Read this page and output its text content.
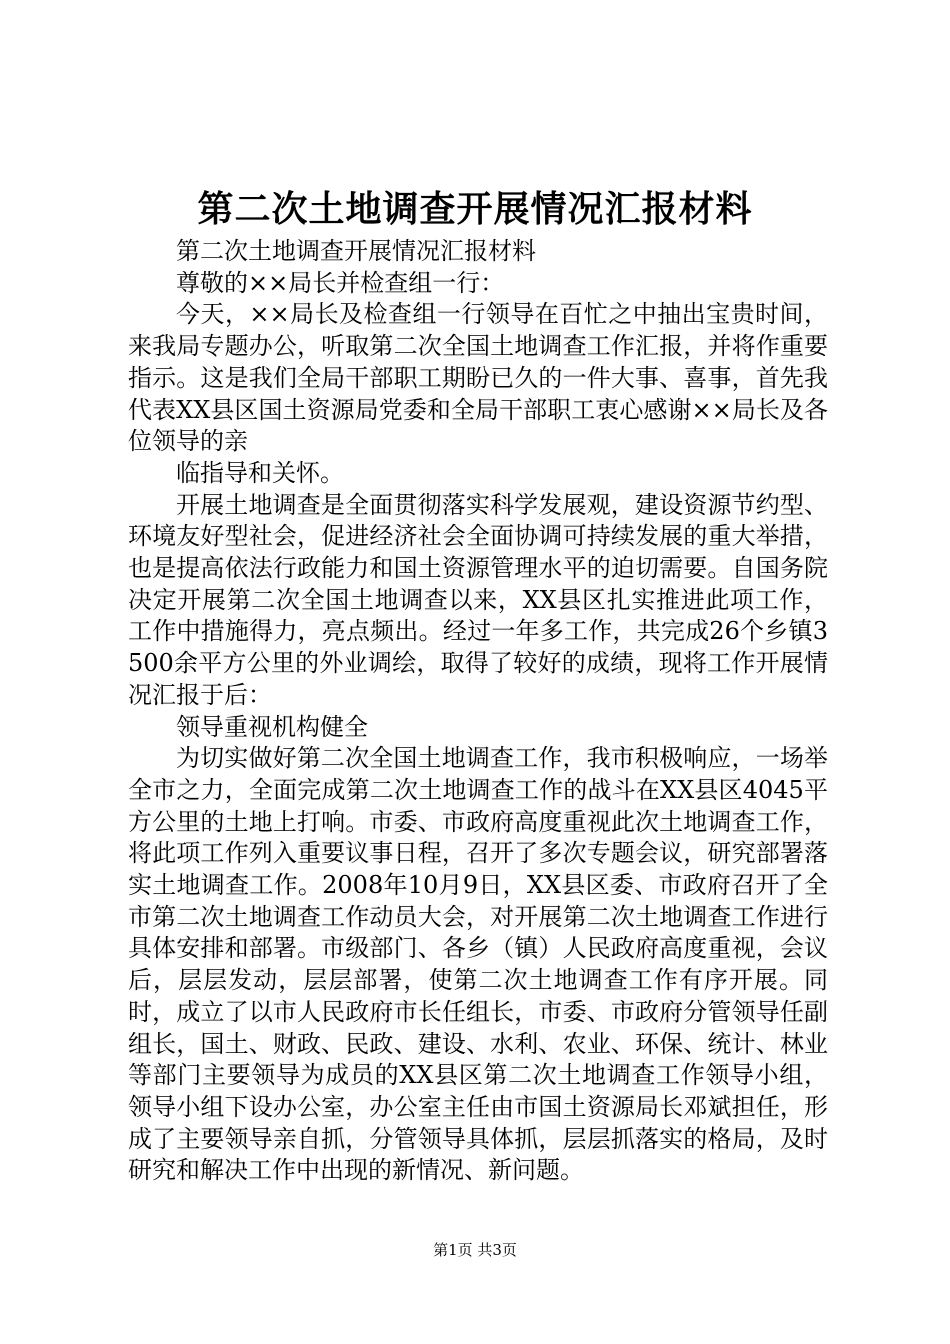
第二次土地调查开展情况汇报材料

第二次土地调查开展情况汇报材料

尊敬的××局长并检查组一行：

今天，××局长及检查组一行领导在百忙之中抽出宝贵时间，来我局专题办公，听取第二次全国土地调查工作汇报，并将作重要指示。这是我们全局干部职工期盼已久的一件大事、喜事，首先我代表XX县区国土资源局党委和全局干部职工衷心感谢××局长及各位领导的亲

临指导和关怀。

开展土地调查是全面贯彻落实科学发展观，建设资源节约型、环境友好型社会，促进经济社会全面协调可持续发展的重大举措，也是提高依法行政能力和国土资源管理水平的迫切需要。自国务院决定开展第二次全国土地调查以来，XX县区扎实推进此项工作，工作中措施得力，亮点频出。经过一年多工作，共完成26个乡镇3500余平方公里的外业调绘，取得了较好的成绩，现将工作开展情况汇报于后：

领导重视机构健全

为切实做好第二次全国土地调查工作，我市积极响应，一场举全市之力，全面完成第二次土地调查工作的战斗在XX县区4045平方公里的土地上打响。市委、市政府高度重视此次土地调查工作，将此项工作列入重要议事日程，召开了多次专题会议，研究部署落实土地调查工作。2008年10月9日，XX县区委、市政府召开了全市第二次土地调查工作动员大会，对开展第二次土地调查工作进行具体安排和部署。市级部门、各乡（镇）人民政府高度重视，会议后，层层发动，层层部署，使第二次土地调查工作有序开展。同时，成立了以市人民政府市长任组长，市委、市政府分管领导任副组长，国土、财政、民政、建设、水利、农业、环保、统计、林业等部门主要领导为成员的XX县区第二次土地调查工作领导小组，领导小组下设办公室，办公室主任由市国土资源局长邓斌担任，形成了主要领导亲自抓，分管领导具体抓，层层抓落实的格局，及时研究和解决工作中出现的新情况、新问题。

第1页 共3页
